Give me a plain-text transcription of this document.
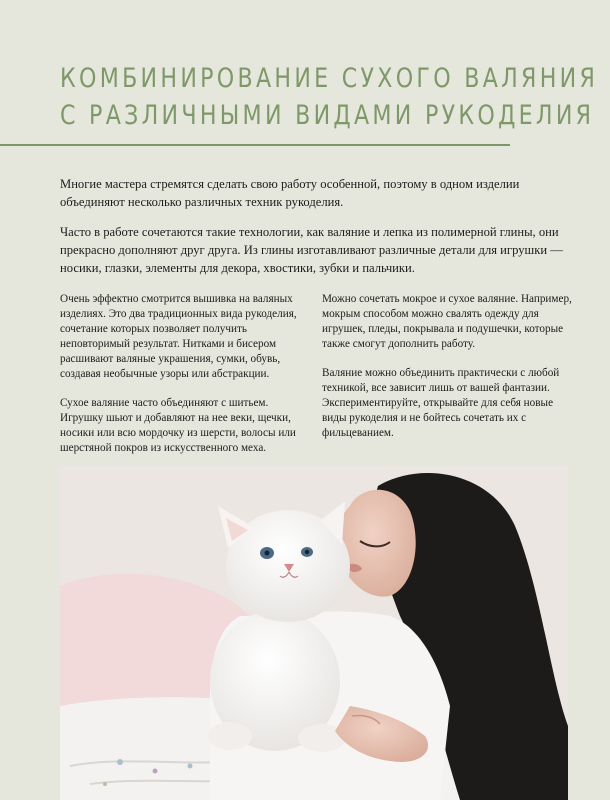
КОМБИНИРОВАНИЕ СУХОГО ВАЛЯНИЯ
С РАЗЛИЧНЫМИ ВИДАМИ РУКОДЕЛИЯ

Многие мастера стремятся сделать свою работу особенной, поэтому в одном изделии объединяют несколько различных техник рукоделия.

Часто в работе сочетаются такие технологии, как валяние и лепка из полимерной глины, они прекрасно дополняют друг друга. Из глины изготавливают различные детали для игрушки — носики, глазки, элементы для декора, хвостики, зубки и пальчики.

Очень эффектно смотрится вышивка на валяных изделиях. Это два традиционных вида рукоделия, сочетание которых позволяет получить неповторимый результат. Нитками и бисером расшивают валяные украшения, сумки, обувь, создавая необычные узоры или абстракции.

Сухое валяние часто объединяют с шитьем. Игрушку шьют и добавляют на нее веки, щечки, носики или всю мордочку из шерсти, волосы или шерстяной покров из искусственного меха.

Можно сочетать мокрое и сухое валяние. Например, мокрым способом можно свалять одежду для игрушек, пледы, покрывала и подушечки, которые также смогут дополнить работу.

Валяние можно объединить практически с любой техникой, все зависит лишь от вашей фантазии. Экспериментируйте, открывайте для себя новые виды рукоделия и не бойтесь сочетать их с фильцеванием.
